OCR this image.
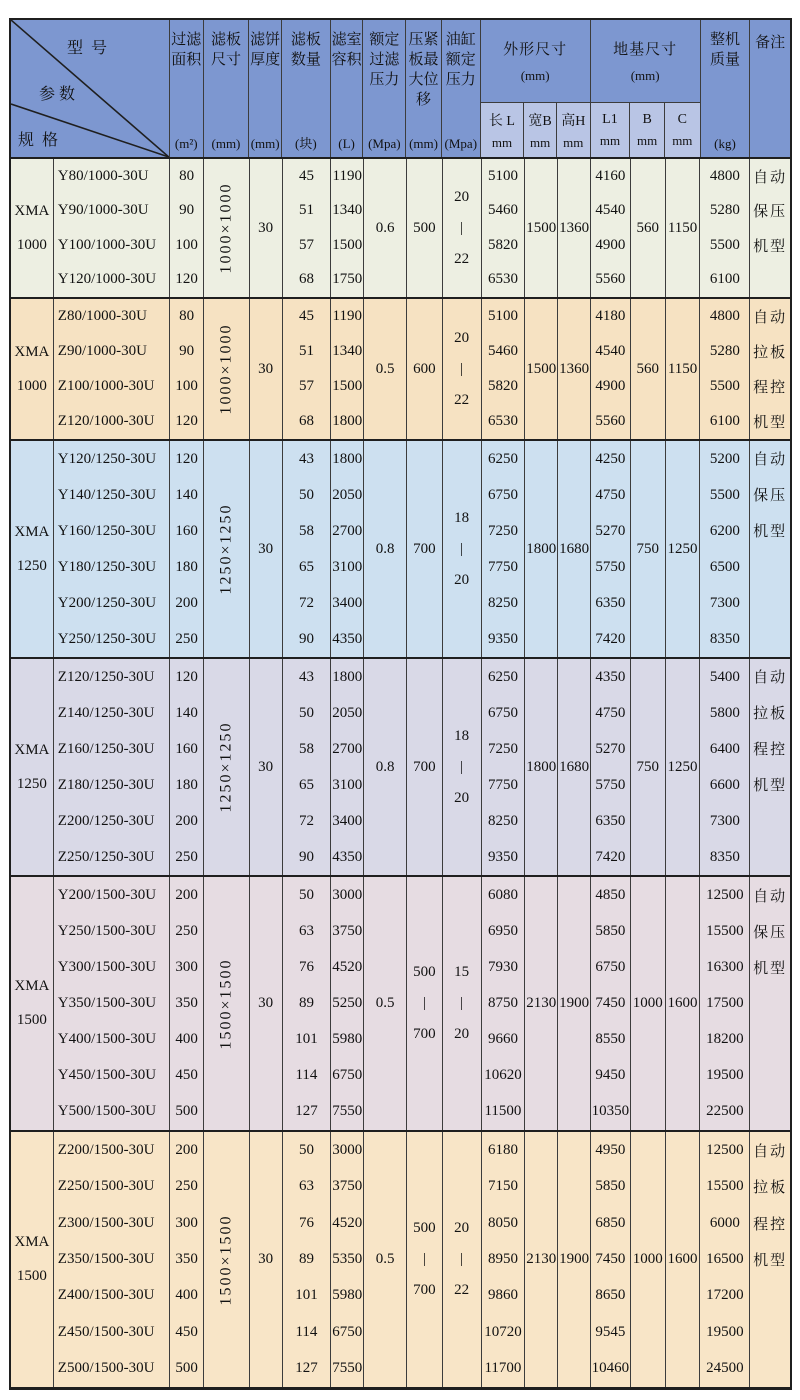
型  号
参 数
规  格
过滤
面积
(m²)
滤板
尺寸
(mm)
滤饼
厚度
(mm)
滤板
数量
(块)
滤室
容积
(L)
额定
过滤
压力
(Mpa)
压紧
板最
大位
移
(mm)
油缸
额定
压力
(Mpa)
外形尺寸
(mm)
长 L
mm
宽B
mm
高H
mm
地基尺寸
(mm)
L1
mm
B
mm
C
mm
整机
质量
(kg)
备注
XMA
1000
Y80/1000-30U
Y90/1000-30U
Y100/1000-30U
Y120/1000-30U
80
90
100
120
1000×1000 30
45
51
57
68
1190
1340
1500
1750
0.6 500
20
|
22
5100
5460
5820
6530
1500 1360
4160
4540
4900
5560
560 1150
4800
5280
5500
6100
自动
保压
机型
XMA
1000
Z80/1000-30U
Z90/1000-30U
Z100/1000-30U
Z120/1000-30U
80
90
100
120
1000×1000 30
45
51
57
68
1190
1340
1500
1800
0.5 600
20
|
22
5100
5460
5820
6530
1500 1360
4180
4540
4900
5560
560 1150
4800
5280
5500
6100
自动
拉板
程控
机型
XMA
1250
Y120/1250-30U
Y140/1250-30U
Y160/1250-30U
Y180/1250-30U
Y200/1250-30U
Y250/1250-30U
120
140
160
180
200
250
1250×1250 30
43
50
58
65
72
90
1800
2050
2700
3100
3400
4350
0.8 700
18
|
20
6250
6750
7250
7750
8250
9350
1800 1680
4250
4750
5270
5750
6350
7420
750 1250
5200
5500
6200
6500
7300
8350
自动
保压
机型
XMA
1250
Z120/1250-30U
Z140/1250-30U
Z160/1250-30U
Z180/1250-30U
Z200/1250-30U
Z250/1250-30U
120
140
160
180
200
250
1250×1250 30
43
50
58
65
72
90
1800
2050
2700
3100
3400
4350
0.8 700
18
|
20
6250
6750
7250
7750
8250
9350
1800 1680
4350
4750
5270
5750
6350
7420
750 1250
5400
5800
6400
6600
7300
8350
自动
拉板
程控
机型
XMA
1500
Y200/1500-30U
Y250/1500-30U
Y300/1500-30U
Y350/1500-30U
Y400/1500-30U
Y450/1500-30U
Y500/1500-30U
200
250
300
350
400
450
500
1500×1500 30
50
63
76
89
101
114
127
3000
3750
4520
5250
5980
6750
7550
0.5
500
|
700
15
|
20
6080
6950
7930
8750
9660
10620
11500
2130 1900
4850
5850
6750
7450
8550
9450
10350
1000 1600
12500
15500
16300
17500
18200
19500
22500
自动
保压
机型
XMA
1500
Z200/1500-30U
Z250/1500-30U
Z300/1500-30U
Z350/1500-30U
Z400/1500-30U
Z450/1500-30U
Z500/1500-30U
200
250
300
350
400
450
500
1500×1500 30
50
63
76
89
101
114
127
3000
3750
4520
5350
5980
6750
7550
0.5
500
|
700
20
|
22
6180
7150
8050
8950
9860
10720
11700
2130 1900
4950
5850
6850
7450
8650
9545
10460
1000 1600
12500
15500
6000
16500
17200
19500
24500
自动
拉板
程控
机型
